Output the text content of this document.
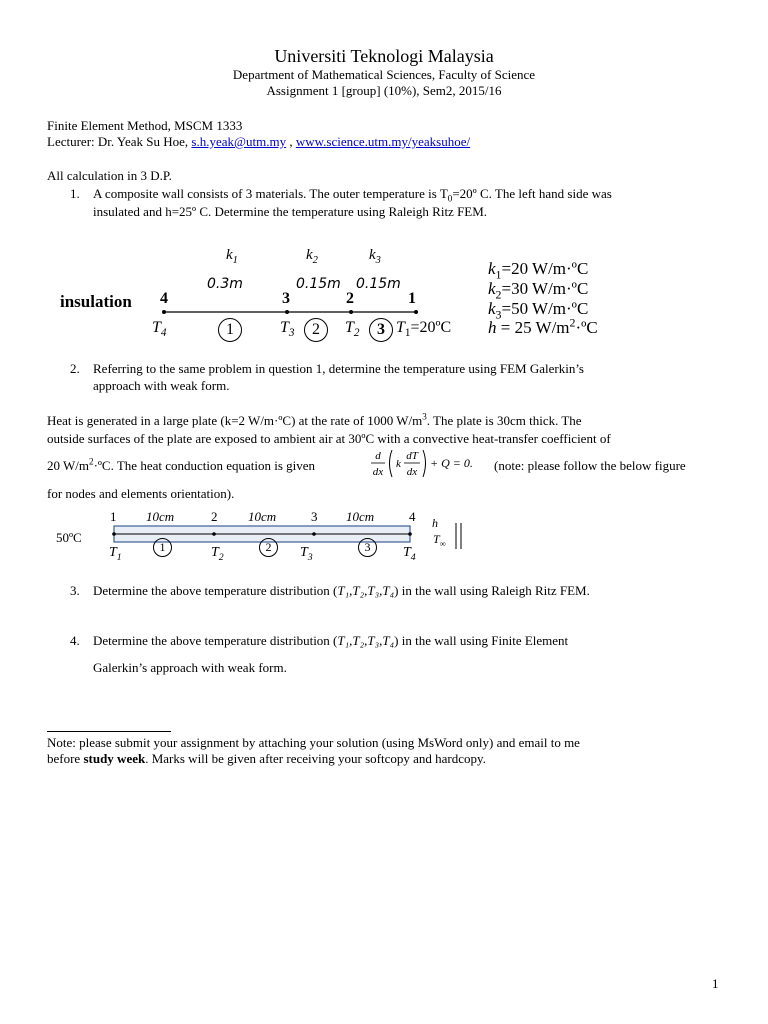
Universiti Teknologi Malaysia
Department of Mathematical Sciences, Faculty of Science
Assignment 1 [group] (10%), Sem2, 2015/16
Finite Element Method, MSCM 1333
Lecturer: Dr. Yeak Su Hoe, s.h.yeak@utm.my , www.science.utm.my/yeaksuhoe/
All calculation in 3 D.P.
1. A composite wall consists of 3 materials. The outer temperature is $T_0=20º$ C. The left hand side was
insulated and h=25º C. Determine the temperature using Raleigh Ritz FEM.
$k_1$	$k_2$	$k_3$
0.3m	0.15m 0.15m
insulation 4	3	2	1
$T_4$	1	$T_3$	2	$T_2$	3 $T_1=20ºC$
$k_1=20$ W/m·ºC
$k_2=30$ W/m·ºC
$k_3=50$ W/m·ºC
h = 25 $W/m^2\cdot ºC$
2. Referring to the same problem in question 1, determine the temperature using FEM Galerkin’s
approach with weak form.
Heat is generated in a large plate (k=2 W/m·ºC) at the rate of 1000 $W/m^3$. The plate is 30cm thick. The
outside surfaces of the plate are exposed to ambient air at 30ºC with a convective heat-transfer coefficient of
20 $W/m^2\cdot ºC$. The heat conduction equation is given
d
dx
k
dT
dx
+ Q = 0. (note: please follow the below figure
for nodes and elements orientation).
1 10cm	2 10cm	3 10cm	4
50ºC
h
$T_\infty$
$T_1$
1	$T_2$
2	$T_3$
3	$T_4$
3. Determine the above temperature distribution (T₁,T₂,T₃,T₄) in the wall using Raleigh Ritz FEM.
4. Determine the above temperature distribution (T₁,T₂,T₃,T₄) in the wall using Finite Element
Galerkin’s approach with weak form.
Note: please submit your assignment by attaching your solution (using MsWord only) and email to me
before study week. Marks will be given after receiving your softcopy and hardcopy.
1
